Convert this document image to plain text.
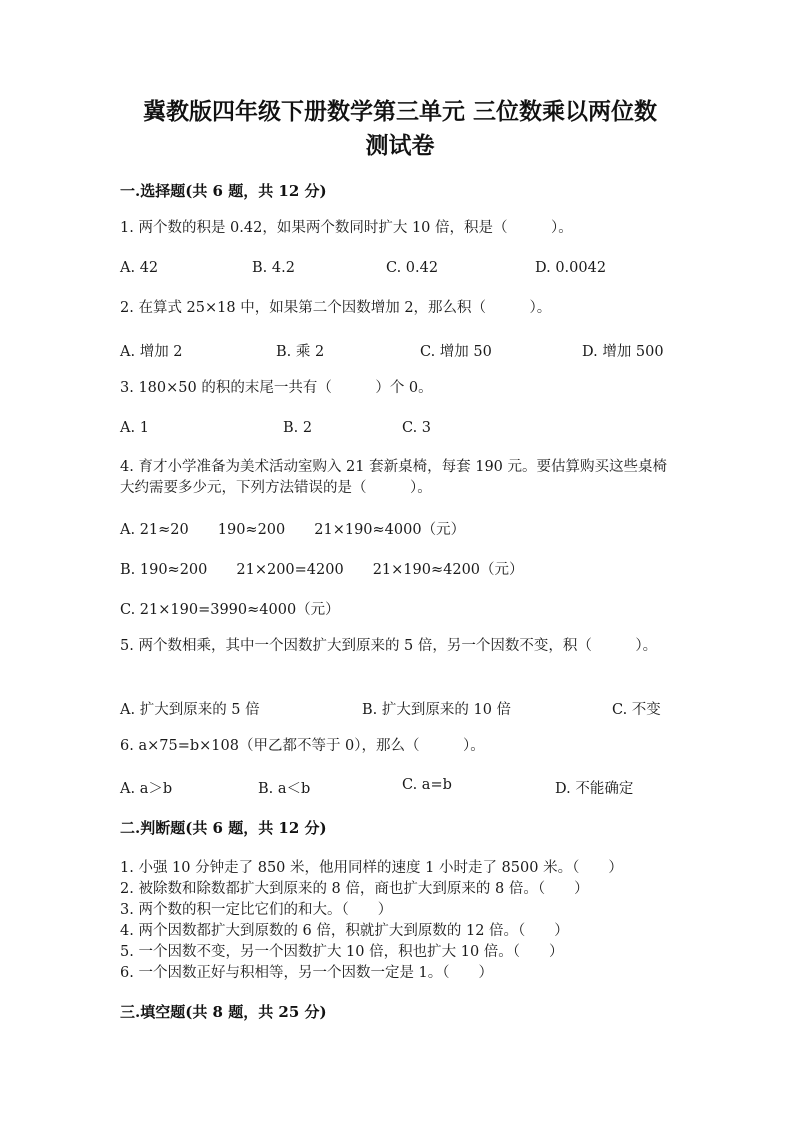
冀教版四年级下册数学第三单元 三位数乘以两位数
测试卷
一.选择题(共 6 题，共 12 分)
1. 两个数的积是 0.42，如果两个数同时扩大 10 倍，积是（　　　）。
A. 42	B. 4.2	C. 0.42	D. 0.0042
2. 在算式 25×18 中，如果第二个因数增加 2，那么积（　　　）。
A. 增加 2	B. 乘 2	C. 增加 50	D. 增加 500
3. 180×50 的积的末尾一共有（　　　）个 0。
A. 1	B. 2	C. 3
4. 育才小学准备为美术活动室购入 21 套新桌椅，每套 190 元。要估算购买这些桌椅大约需要多少元，下列方法错误的是（　　　）。
A. 21≈20　　190≈200　　21×190≈4000（元）
B. 190≈200　　21×200=4200　　21×190≈4200（元）
C. 21×190=3990≈4000（元）
5. 两个数相乘，其中一个因数扩大到原来的 5 倍，另一个因数不变，积（　　　）。
A. 扩大到原来的 5 倍	B. 扩大到原来的 10 倍	C. 不变
6. a×75=b×108（甲乙都不等于 0），那么（　　　）。
A. a＞b	B. a＜b	C. a=b	D. 不能确定
二.判断题(共 6 题，共 12 分)
1. 小强 10 分钟走了 850 米，他用同样的速度 1 小时走了 8500 米。（　　）
2. 被除数和除数都扩大到原来的 8 倍，商也扩大到原来的 8 倍。（　　）
3. 两个数的积一定比它们的和大。（　　）
4. 两个因数都扩大到原数的 6 倍，积就扩大到原数的 12 倍。（　　）
5. 一个因数不变，另一个因数扩大 10 倍，积也扩大 10 倍。（　　）
6. 一个因数正好与积相等，另一个因数一定是 1。（　　）
三.填空题(共 8 题，共 25 分)
